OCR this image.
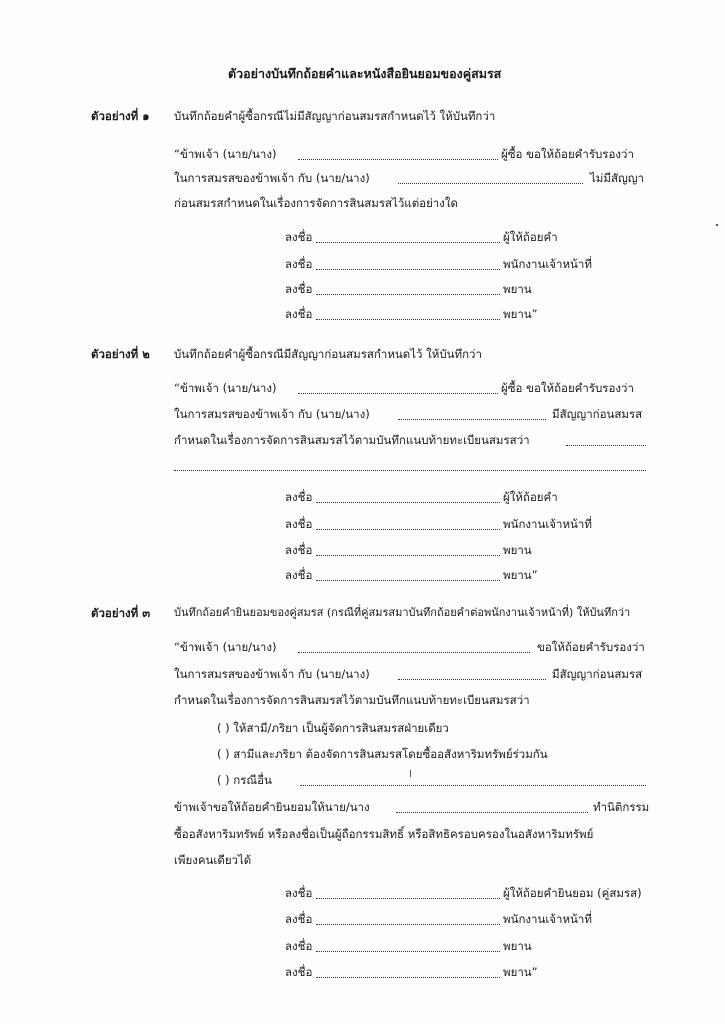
ตัวอย่างบันทึกถ้อยคำและหนังสือยินยอมของคู่สมรส
ตัวอย่างที่ ๑ บันทึกถ้อยคำผู้ซื้อกรณีไม่มีสัญญาก่อนสมรสกำหนดไว้ ให้บันทึกว่า
“ข้าพเจ้า (นาย/นาง)	ผู้ซื้อ ขอให้ถ้อยคำรับรองว่า
ในการสมรสของข้าพเจ้า กับ (นาย/นาง)	ไม่มีสัญญา
ก่อนสมรสกำหนดในเรื่องการจัดการสินสมรสไว้แต่อย่างใด
ลงชื่อ	ผู้ให้ถ้อยคำ
ลงชื่อ	พนักงานเจ้าหน้าที่
ลงชื่อ	พยาน
ลงชื่อ	พยาน”
ตัวอย่างที่ ๒ บันทึกถ้อยคำผู้ซื้อกรณีมีสัญญาก่อนสมรสกำหนดไว้ ให้บันทึกว่า
“ข้าพเจ้า (นาย/นาง)	ผู้ซื้อ ขอให้ถ้อยคำรับรองว่า
ในการสมรสของข้าพเจ้า กับ (นาย/นาง)	มีสัญญาก่อนสมรส
กำหนดในเรื่องการจัดการสินสมรสไว้ตามบันทึกแนบท้ายทะเบียนสมรสว่า
ลงชื่อ	ผู้ให้ถ้อยคำ
ลงชื่อ	พนักงานเจ้าหน้าที่
ลงชื่อ	พยาน
ลงชื่อ	พยาน”
ตัวอย่างที่ ๓ บันทึกถ้อยคำยินยอมของคู่สมรส (กรณีที่คู่สมรสมาบันทึกถ้อยคำต่อพนักงานเจ้าหน้าที่) ให้บันทึกว่า
“ข้าพเจ้า (นาย/นาง)	ขอให้ถ้อยคำรับรองว่า
ในการสมรสของข้าพเจ้า กับ (นาย/นาง)	มีสัญญาก่อนสมรส
กำหนดในเรื่องการจัดการสินสมรสไว้ตามบันทึกแนบท้ายทะเบียนสมรสว่า
( ) ให้สามี/ภริยา เป็นผู้จัดการสินสมรสฝ่ายเดียว
( ) สามีและภริยา ต้องจัดการสินสมรสโดยซื้ออสังหาริมทรัพย์ร่วมกัน
( ) กรณีอื่น
ข้าพเจ้าขอให้ถ้อยคำยินยอมให้นาย/นาง	ทำนิติกรรม
ซื้ออสังหาริมทรัพย์ หรือลงชื่อเป็นผู้ถือกรรมสิทธิ์ หรือสิทธิครอบครองในอสังหาริมทรัพย์
เพียงคนเดียวได้
ลงชื่อ	ผู้ให้ถ้อยคำยินยอม (คู่สมรส)
ลงชื่อ	พนักงานเจ้าหน้าที่
ลงชื่อ	พยาน
ลงชื่อ	พยาน”
